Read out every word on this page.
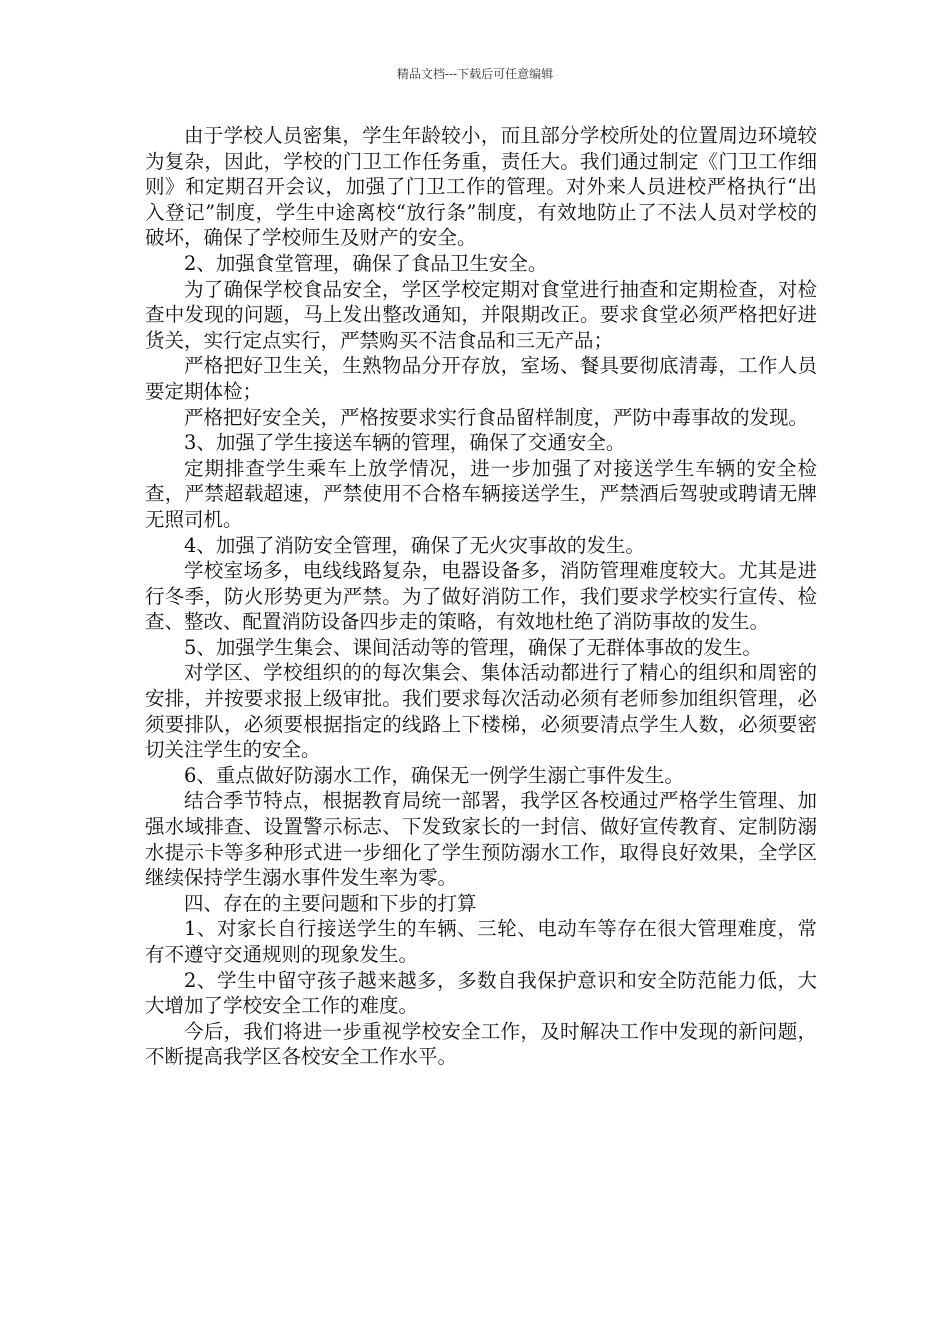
精品文档---下载后可任意编辑

由于学校人员密集，学生年龄较小，而且部分学校所处的位置周边环境较为复杂，因此，学校的门卫工作任务重，责任大。我们通过制定《门卫工作细则》和定期召开会议，加强了门卫工作的管理。对外来人员进校严格执行“出入登记”制度，学生中途离校“放行条”制度，有效地防止了不法人员对学校的破坏，确保了学校师生及财产的安全。

2、加强食堂管理，确保了食品卫生安全。

为了确保学校食品安全，学区学校定期对食堂进行抽查和定期检查，对检查中发现的问题，马上发出整改通知，并限期改正。要求食堂必须严格把好进货关，实行定点实行，严禁购买不洁食品和三无产品；

严格把好卫生关，生熟物品分开存放，室场、餐具要彻底清毒，工作人员要定期体检；

严格把好安全关，严格按要求实行食品留样制度，严防中毒事故的发现。

3、加强了学生接送车辆的管理，确保了交通安全。

定期排查学生乘车上放学情况，进一步加强了对接送学生车辆的安全检查，严禁超载超速，严禁使用不合格车辆接送学生，严禁酒后驾驶或聘请无牌无照司机。

4、加强了消防安全管理，确保了无火灾事故的发生。

学校室场多，电线线路复杂，电器设备多，消防管理难度较大。尤其是进行冬季，防火形势更为严禁。为了做好消防工作，我们要求学校实行宣传、检查、整改、配置消防设备四步走的策略，有效地杜绝了消防事故的发生。

5、加强学生集会、课间活动等的管理，确保了无群体事故的发生。

对学区、学校组织的的每次集会、集体活动都进行了精心的组织和周密的安排，并按要求报上级审批。我们要求每次活动必须有老师参加组织管理，必须要排队，必须要根据指定的线路上下楼梯，必须要清点学生人数，必须要密切关注学生的安全。

6、重点做好防溺水工作，确保无一例学生溺亡事件发生。

结合季节特点，根据教育局统一部署，我学区各校通过严格学生管理、加强水域排查、设置警示标志、下发致家长的一封信、做好宣传教育、定制防溺水提示卡等多种形式进一步细化了学生预防溺水工作，取得良好效果，全学区继续保持学生溺水事件发生率为零。

四、存在的主要问题和下步的打算

1、对家长自行接送学生的车辆、三轮、电动车等存在很大管理难度，常有不遵守交通规则的现象发生。

2、学生中留守孩子越来越多，多数自我保护意识和安全防范能力低，大大增加了学校安全工作的难度。

今后，我们将进一步重视学校安全工作，及时解决工作中发现的新问题，不断提高我学区各校安全工作水平。
